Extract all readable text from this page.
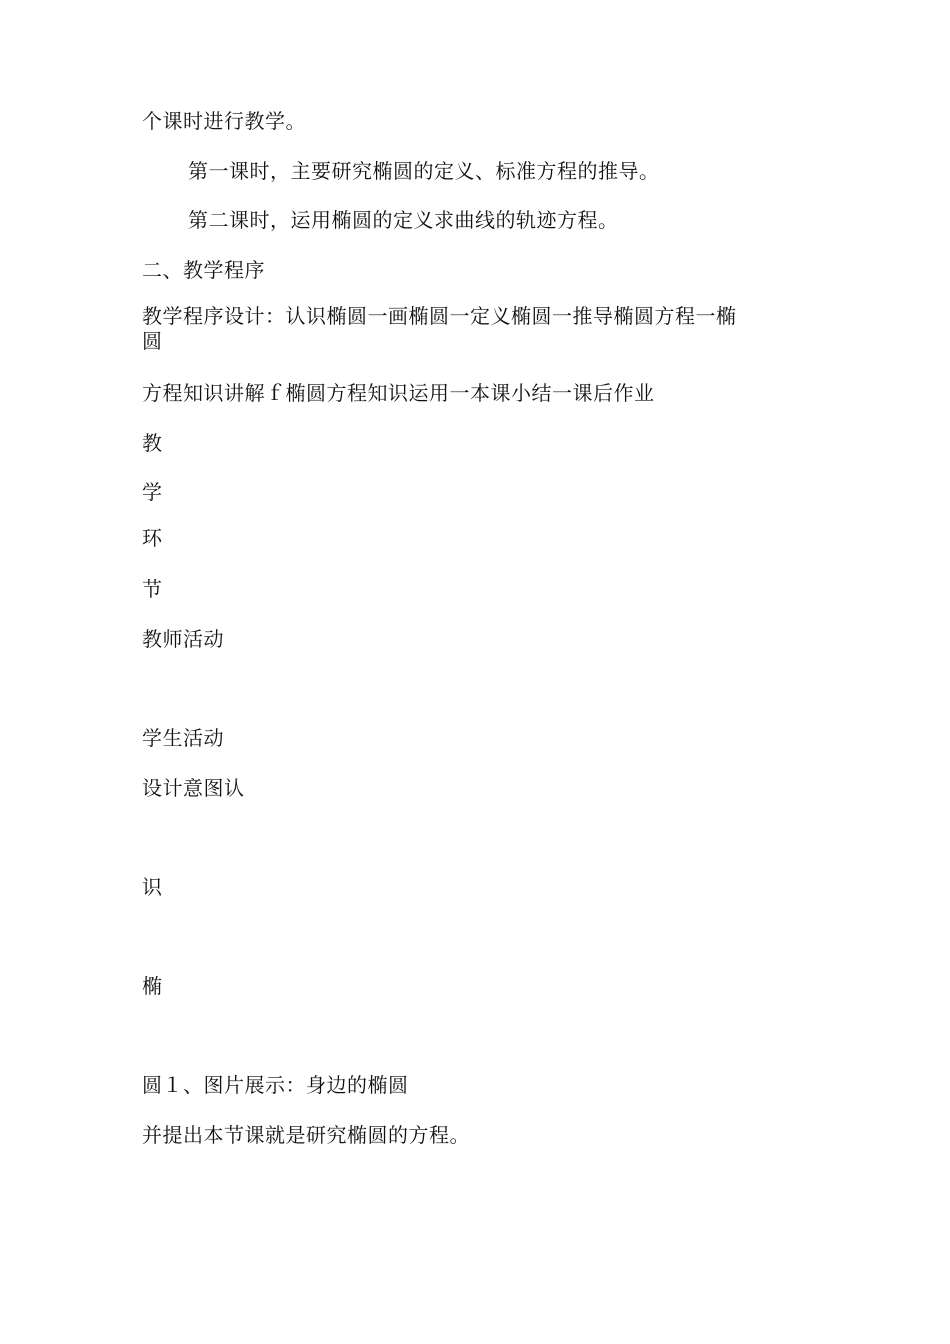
个课时进行教学。
第一课时，主要研究椭圆的定义、标准方程的推导。
第二课时，运用椭圆的定义求曲线的轨迹方程。
二、教学程序
教学程序设计：认识椭圆一画椭圆一定义椭圆一推导椭圆方程一椭
圆
方程知识讲解ｆ椭圆方程知识运用一本课小结一课后作业
教
学
环
节
教师活动
学生活动
设计意图认
识
椭
圆１、图片展示：身边的椭圆
并提出本节课就是研究椭圆的方程。
